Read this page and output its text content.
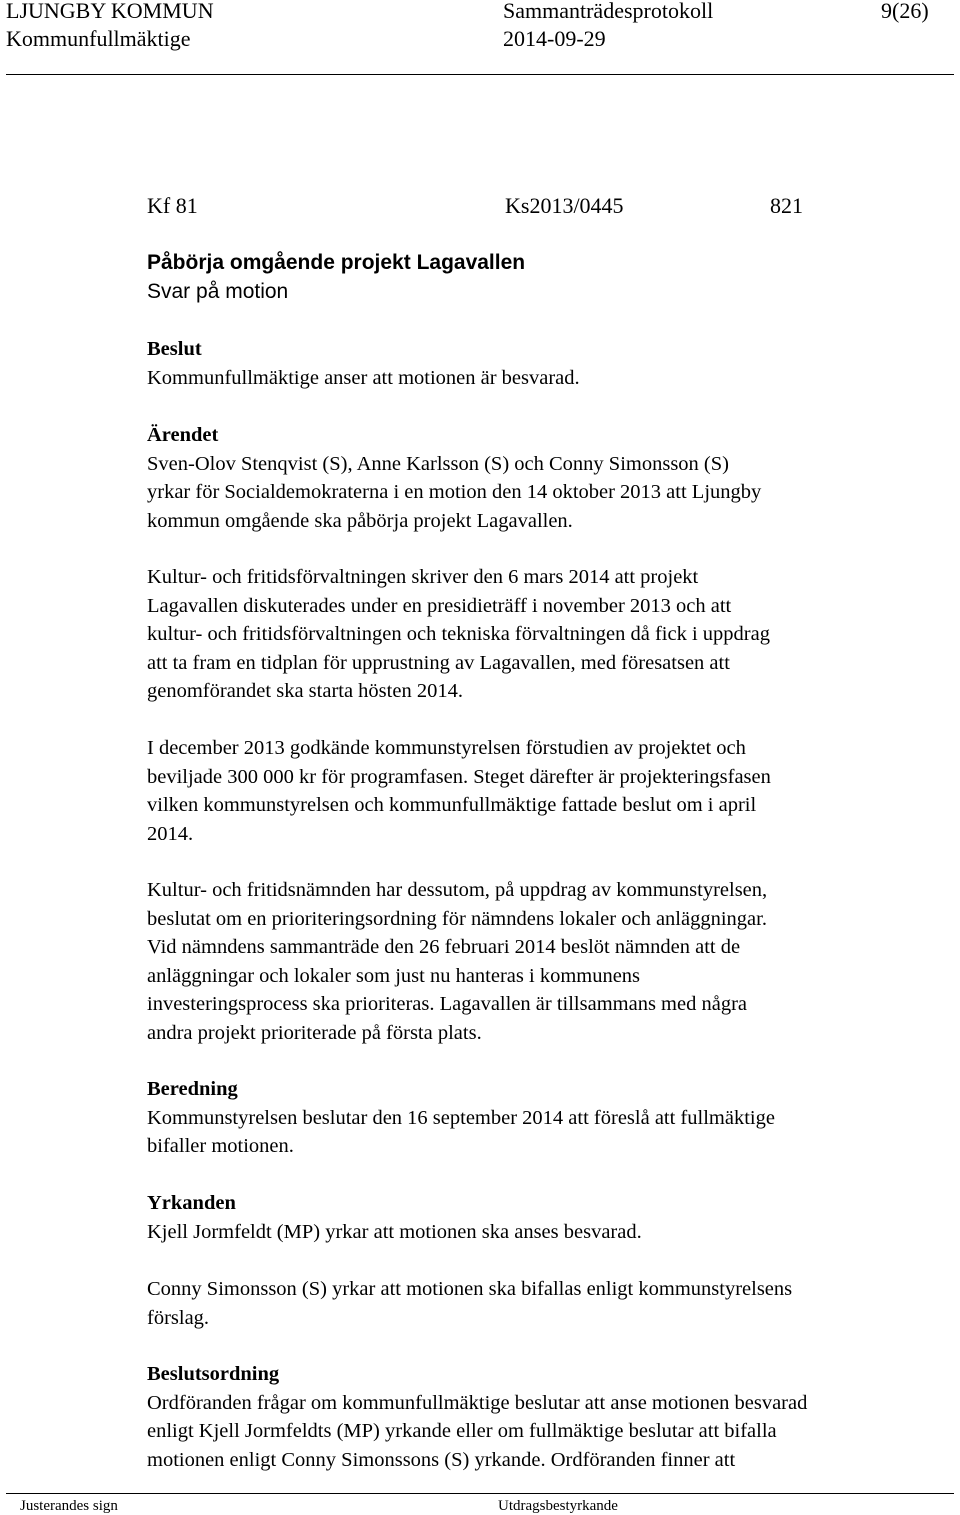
LJUNGBY KOMMUN
Kommunfullmäktige
Sammanträdesprotokoll
2014-09-29
9(26)
Kf 81	Ks2013/0445	821
Påbörja omgående projekt Lagavallen
Svar på motion
Beslut

Kommunfullmäktige anser att motionen är besvarad.

Ärendet

Sven-Olov Stenqvist (S), Anne Karlsson (S) och Conny Simonsson (S)
yrkar för Socialdemokraterna i en motion den 14 oktober 2013 att Ljungby
kommun omgående ska påbörja projekt Lagavallen.

Kultur- och fritidsförvaltningen skriver den 6 mars 2014 att projekt
Lagavallen diskuterades under en presidieträff i november 2013 och att
kultur- och fritidsförvaltningen och tekniska förvaltningen då fick i uppdrag
att ta fram en tidplan för upprustning av Lagavallen, med föresatsen att
genomförandet ska starta hösten 2014.

I december 2013 godkände kommunstyrelsen förstudien av projektet och
beviljade 300 000 kr för programfasen. Steget därefter är projekteringsfasen
vilken kommunstyrelsen och kommunfullmäktige fattade beslut om i april
2014.

Kultur- och fritidsnämnden har dessutom, på uppdrag av kommunstyrelsen,
beslutat om en prioriteringsordning för nämndens lokaler och anläggningar.
Vid nämndens sammanträde den 26 februari 2014 beslöt nämnden att de
anläggningar och lokaler som just nu hanteras i kommunens
investeringsprocess ska prioriteras. Lagavallen är tillsammans med några
andra projekt prioriterade på första plats.

Beredning

Kommunstyrelsen beslutar den 16 september 2014 att föreslå att fullmäktige
bifaller motionen.

Yrkanden

Kjell Jormfeldt (MP) yrkar att motionen ska anses besvarad.

Conny Simonsson (S) yrkar att motionen ska bifallas enligt kommunstyrelsens
förslag.

Beslutsordning

Ordföranden frågar om kommunfullmäktige beslutar att anse motionen besvarad
enligt Kjell Jormfeldts (MP) yrkande eller om fullmäktige beslutar att bifalla
motionen enligt Conny Simonssons (S) yrkande. Ordföranden finner att

Justerandes sign	Utdragsbestyrkande
